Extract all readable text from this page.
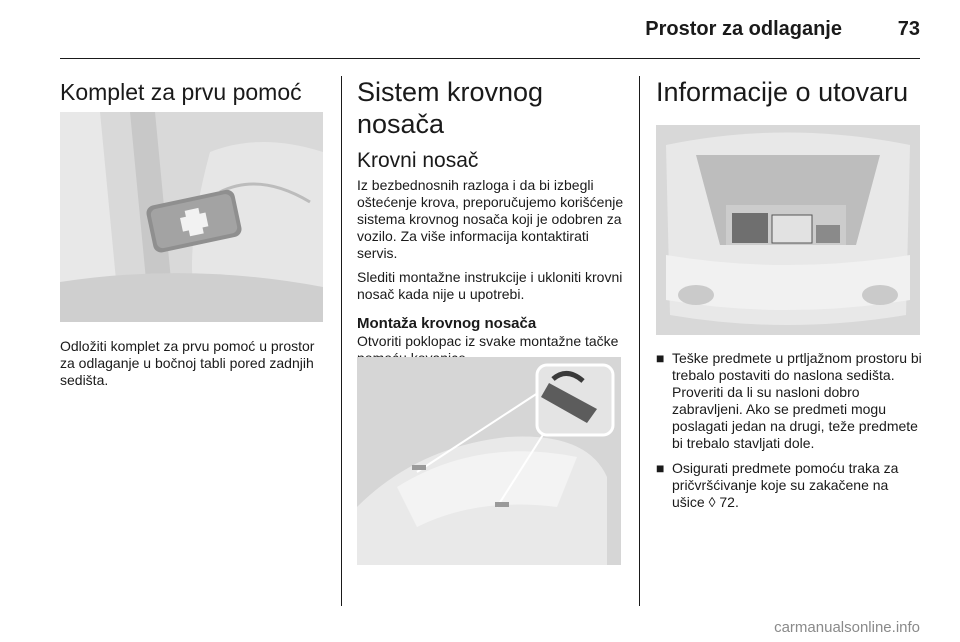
Prostor za odlaganje	73
Komplet za prvu pomoć

Odložiti komplet za prvu pomoć u prostor za odlaganje u bočnoj tabli pored zadnjih sedišta.

Sistem krovnog nosača
Krovni nosač

Iz bezbednosnih razloga i da bi izbegli oštećenje krova, preporučujemo korišćenje sistema krovnog nosača koji je odobren za vozilo. Za više informacija kontaktirati servis.

Slediti montažne instrukcije i ukloniti krovni nosač kada nije u upotrebi.

Montaža krovnog nosača

Otvoriti poklopac iz svake montažne tačke

Informacije o utovaru
■ Teške predmete u prtljažnom prostoru bi trebalo postaviti do naslona sedišta. Proveriti da li su nasloni dobro zabravljeni. Ako se predmeti mogu poslagati jedan na drugi, teže predmete bi trebalo stavljati dole.
■ Osigurati predmete pomoću traka za pričvršćivanje koje su zakačene na ušice ◊ 72.
carmanualsonline.info
